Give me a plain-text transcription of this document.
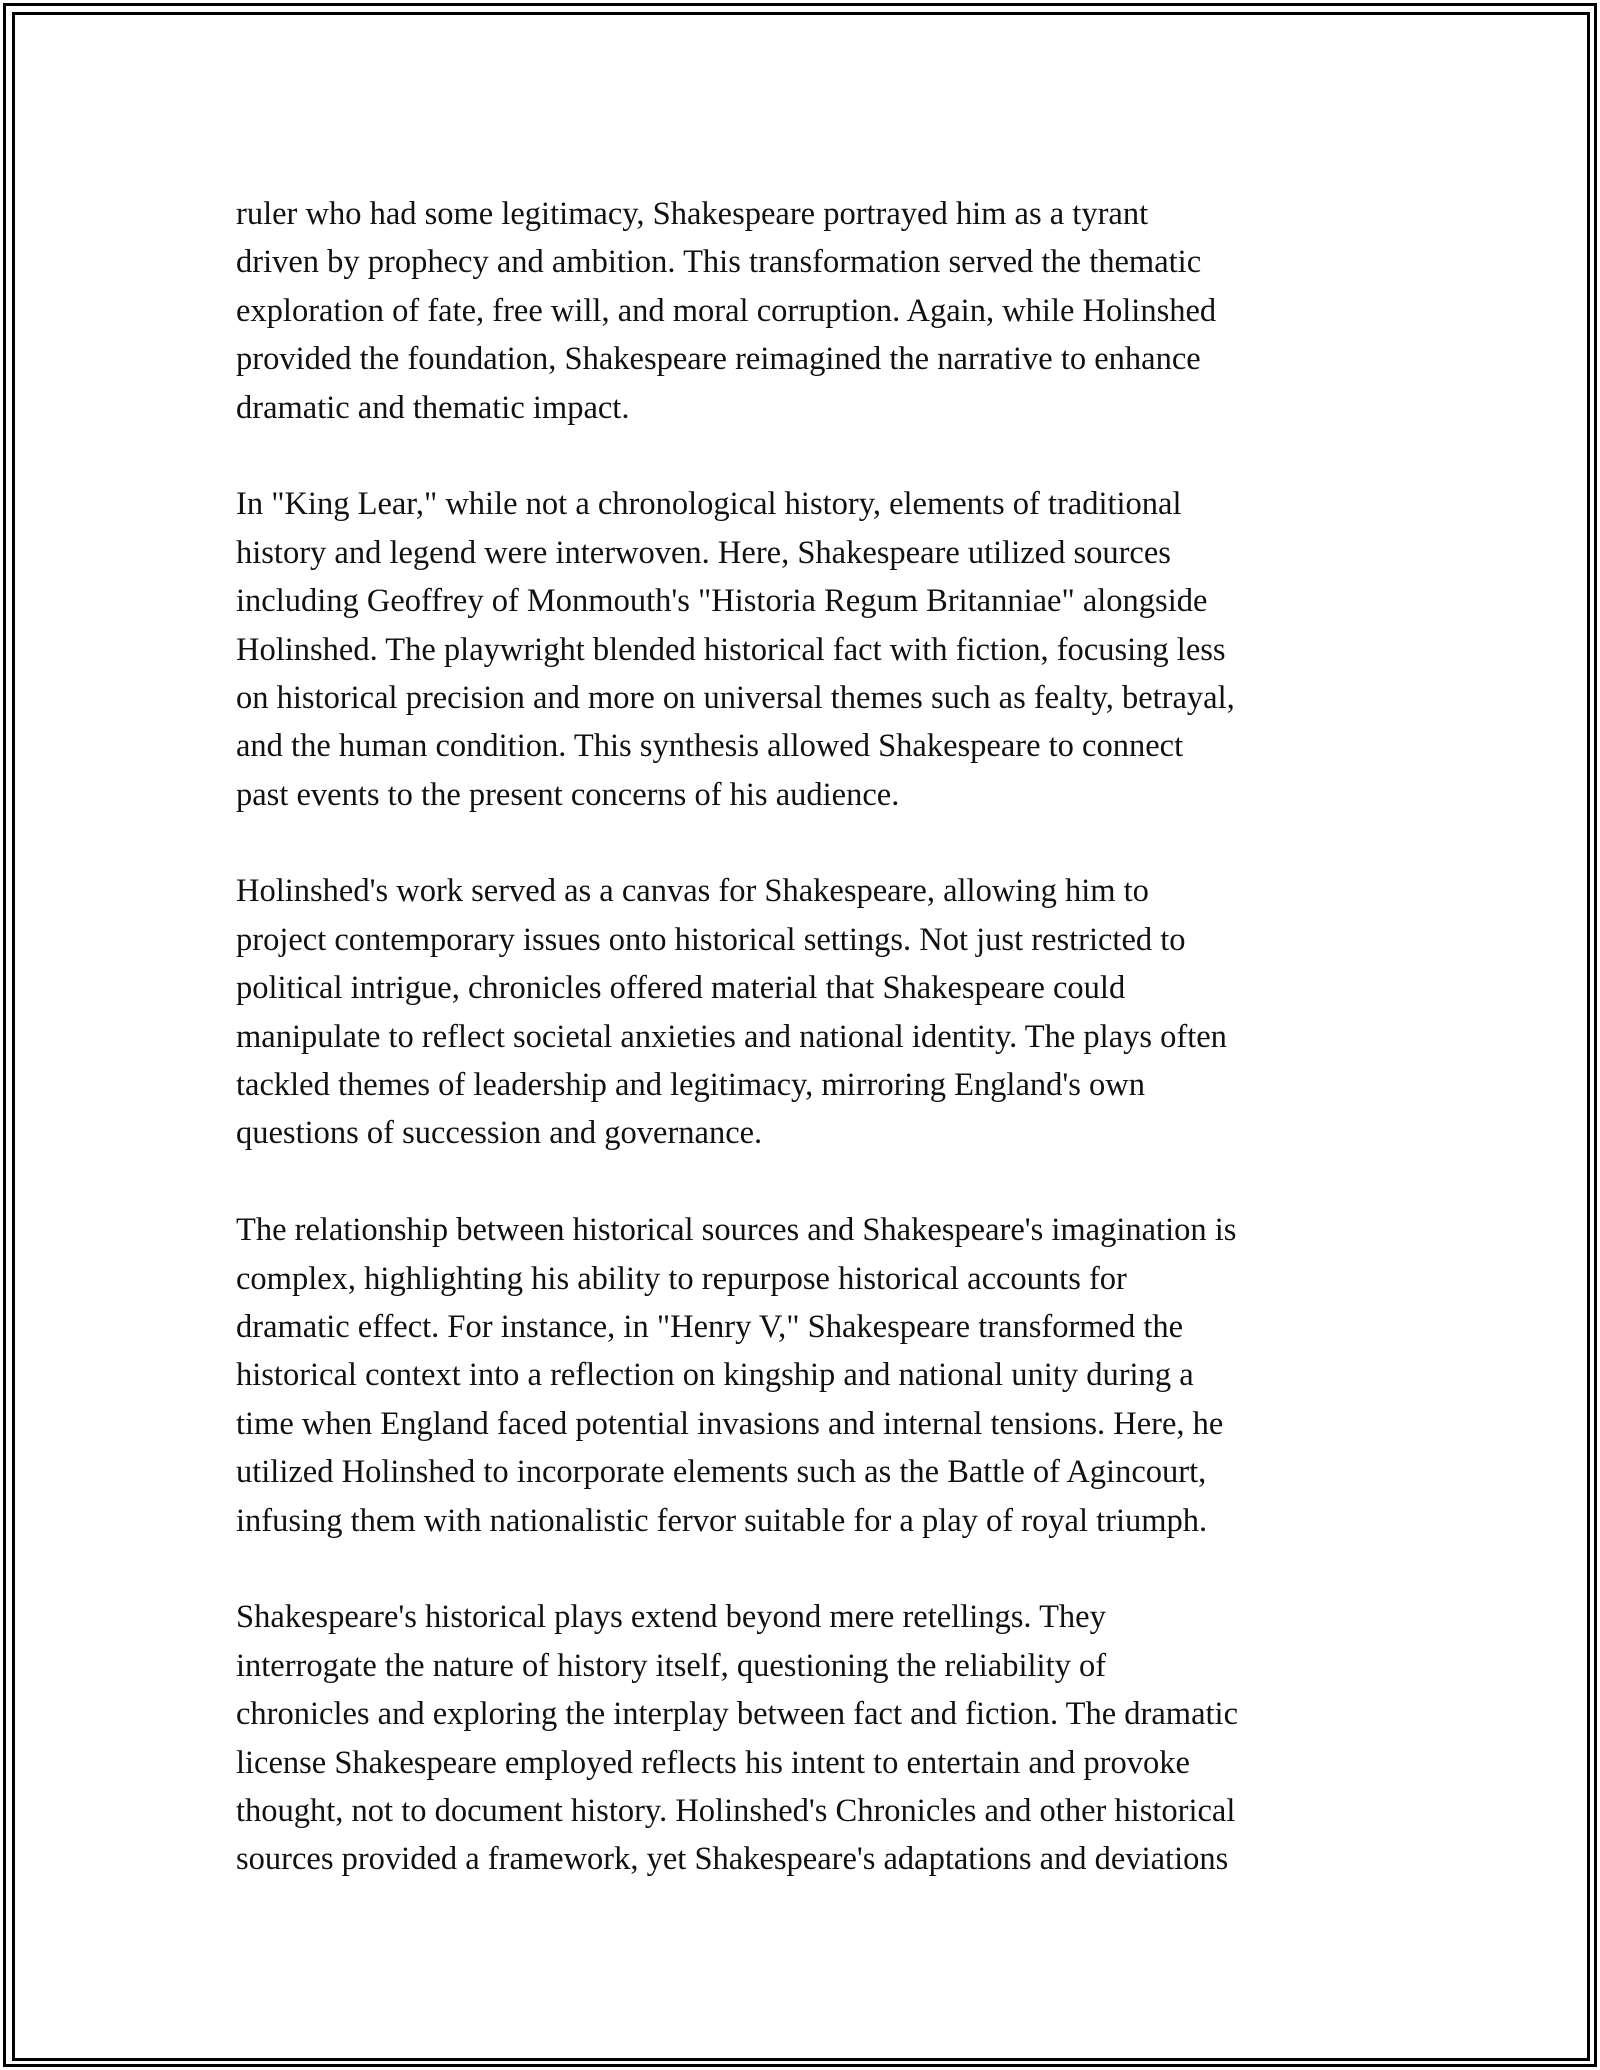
ruler who had some legitimacy, Shakespeare portrayed him as a tyrant
driven by prophecy and ambition. This transformation served the thematic
exploration of fate, free will, and moral corruption. Again, while Holinshed
provided the foundation, Shakespeare reimagined the narrative to enhance
dramatic and thematic impact.
In "King Lear," while not a chronological history, elements of traditional
history and legend were interwoven. Here, Shakespeare utilized sources
including Geoffrey of Monmouth's "Historia Regum Britanniae" alongside
Holinshed. The playwright blended historical fact with fiction, focusing less
on historical precision and more on universal themes such as fealty, betrayal,
and the human condition. This synthesis allowed Shakespeare to connect
past events to the present concerns of his audience.
Holinshed's work served as a canvas for Shakespeare, allowing him to
project contemporary issues onto historical settings. Not just restricted to
political intrigue, chronicles offered material that Shakespeare could
manipulate to reflect societal anxieties and national identity. The plays often
tackled themes of leadership and legitimacy, mirroring England's own
questions of succession and governance.
The relationship between historical sources and Shakespeare's imagination is
complex, highlighting his ability to repurpose historical accounts for
dramatic effect. For instance, in "Henry V," Shakespeare transformed the
historical context into a reflection on kingship and national unity during a
time when England faced potential invasions and internal tensions. Here, he
utilized Holinshed to incorporate elements such as the Battle of Agincourt,
infusing them with nationalistic fervor suitable for a play of royal triumph.
Shakespeare's historical plays extend beyond mere retellings. They
interrogate the nature of history itself, questioning the reliability of
chronicles and exploring the interplay between fact and fiction. The dramatic
license Shakespeare employed reflects his intent to entertain and provoke
thought, not to document history. Holinshed's Chronicles and other historical
sources provided a framework, yet Shakespeare's adaptations and deviations
